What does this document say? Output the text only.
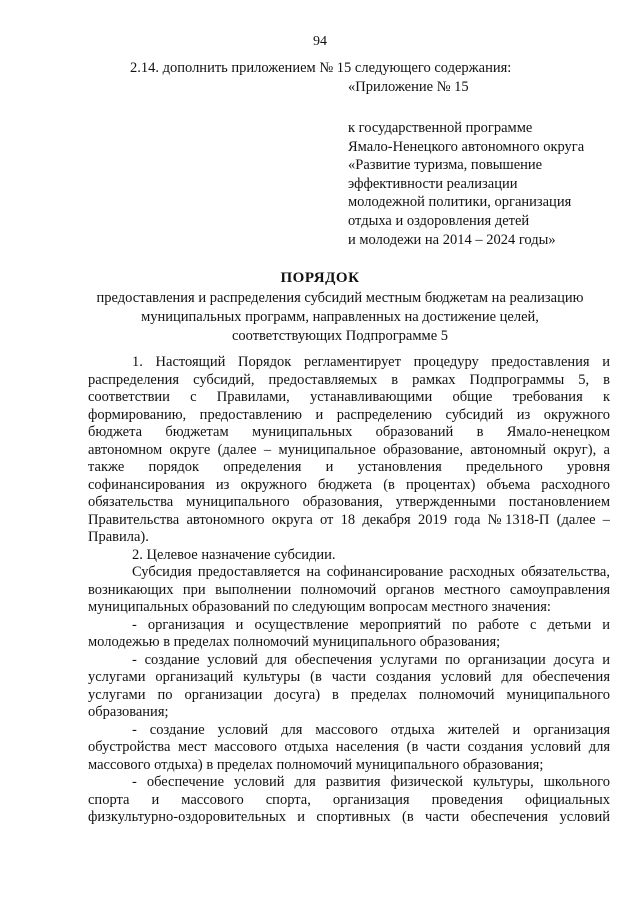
94
2.14. дополнить приложением № 15 следующего содержания:
«Приложение № 15
к государственной программе
Ямало-Ненецкого автономного округа
«Развитие туризма, повышение
эффективности реализации
молодежной политики, организация
отдыха и оздоровления детей
и молодежи на 2014 – 2024 годы»
ПОРЯДОК
предоставления и распределения субсидий местным бюджетам на реализацию
муниципальных программ, направленных на достижение целей,
соответствующих Подпрограмме 5
1. Настоящий Порядок регламентирует процедуру предоставления и
распределения субсидий, предоставляемых в рамках Подпрограммы 5, в
соответствии с Правилами, устанавливающими общие требования к
формированию, предоставлению и распределению субсидий из окружного
бюджета бюджетам муниципальных образований в Ямало-ненецком
автономном округе (далее – муниципальное образование, автономный округ), а
также порядок определения и установления предельного уровня
софинансирования из окружного бюджета (в процентах) объема расходного
обязательства муниципального образования, утвержденными постановлением
Правительства автономного округа от 18 декабря 2019 года №1318-П (далее –
Правила).
2. Целевое назначение субсидии.
Субсидия предоставляется на софинансирование расходных обязательства,
возникающих при выполнении полномочий органов местного самоуправления
муниципальных образований по следующим вопросам местного значения:
- организация и осуществление мероприятий по работе с детьми и
молодежью в пределах полномочий муниципального образования;
- создание условий для обеспечения услугами по организации досуга и
услугами организаций культуры (в части создания условий для обеспечения
услугами по организации досуга) в пределах полномочий муниципального
образования;
- создание условий для массового отдыха жителей и организация
обустройства мест массового отдыха населения (в части создания условий для
массового отдыха) в пределах полномочий муниципального образования;
- обеспечение условий для развития физической культуры, школьного
спорта и массового спорта, организация проведения официальных
физкультурно-оздоровительных и спортивных (в части обеспечения условий
